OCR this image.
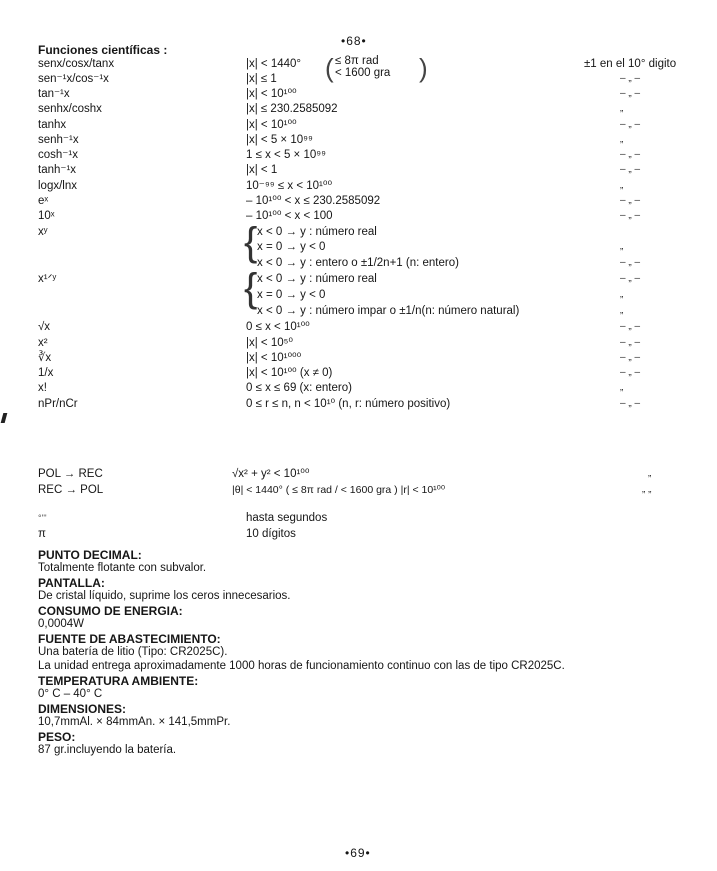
•68•
Funciones científicas :
( ≤ 8π rad
< 1600 gra )
senx/cosx/tanx	|x| < 1440°	±1 en el 10° digito
sen⁻¹x/cos⁻¹x	|x| ≤ 1	– „ –
tan⁻¹x	|x| < 10¹⁰⁰	– „ –
senhx/coshx	|x| ≤ 230.2585092	„
tanhx	|x| < 10¹⁰⁰	– „ –
senh⁻¹x	|x| < 5 × 10⁹⁹	„
cosh⁻¹x	1 ≤ x < 5 × 10⁹⁹	– „ –
tanh⁻¹x	|x| < 1	– „ –
logx/lnx	10⁻⁹⁹ ≤ x < 10¹⁰⁰	„
eˣ	– 10¹⁰⁰ < x ≤ 230.2585092	– „ –
10ˣ	– 10¹⁰⁰ < x < 100	– „ –
{
xʸ	x < 0 → y : número real
x = 0 → y < 0	„
x < 0 → y : entero o ±1/2n+1 (n: entero)	– „ –
{
x¹ᐟʸ	x < 0 → y : número real	– „ –
x = 0 → y < 0	„
x < 0 → y : número impar o ±1/n(n: número natural)	„
√x	0 ≤ x < 10¹⁰⁰	– „ –
x²	|x| < 10⁵⁰	– „ –
∛x	|x| < 10¹⁰⁰⁰	– „ –
1/x	|x| < 10¹⁰⁰ (x ≠ 0)	– „ –
x!	0 ≤ x ≤ 69 (x: entero)	„
nPr/nCr	0 ≤ r ≤ n, n < 10¹⁰ (n, r: número positivo)	– „ –
POL → REC	√x² + y² < 10¹⁰⁰	„
REC → POL	|θ| < 1440° ( ≤ 8π rad / < 1600 gra ) |r| < 10¹⁰⁰	„ „
°'"	hasta segundos
π	10 dígitos
PUNTO DECIMAL:
Totalmente flotante con subvalor.
PANTALLA:
De cristal líquido, suprime los ceros innecesarios.
CONSUMO DE ENERGIA:
0,0004W
FUENTE DE ABASTECIMIENTO:
Una batería de litio (Tipo: CR2025C).
La unidad entrega aproximadamente 1000 horas de funcionamiento continuo con las de tipo CR2025C.
TEMPERATURA AMBIENTE:
0° C – 40° C
DIMENSIONES:
10,7mmAl. × 84mmAn. × 141,5mmPr.
PESO:
87 gr.incluyendo la batería.
•69•
